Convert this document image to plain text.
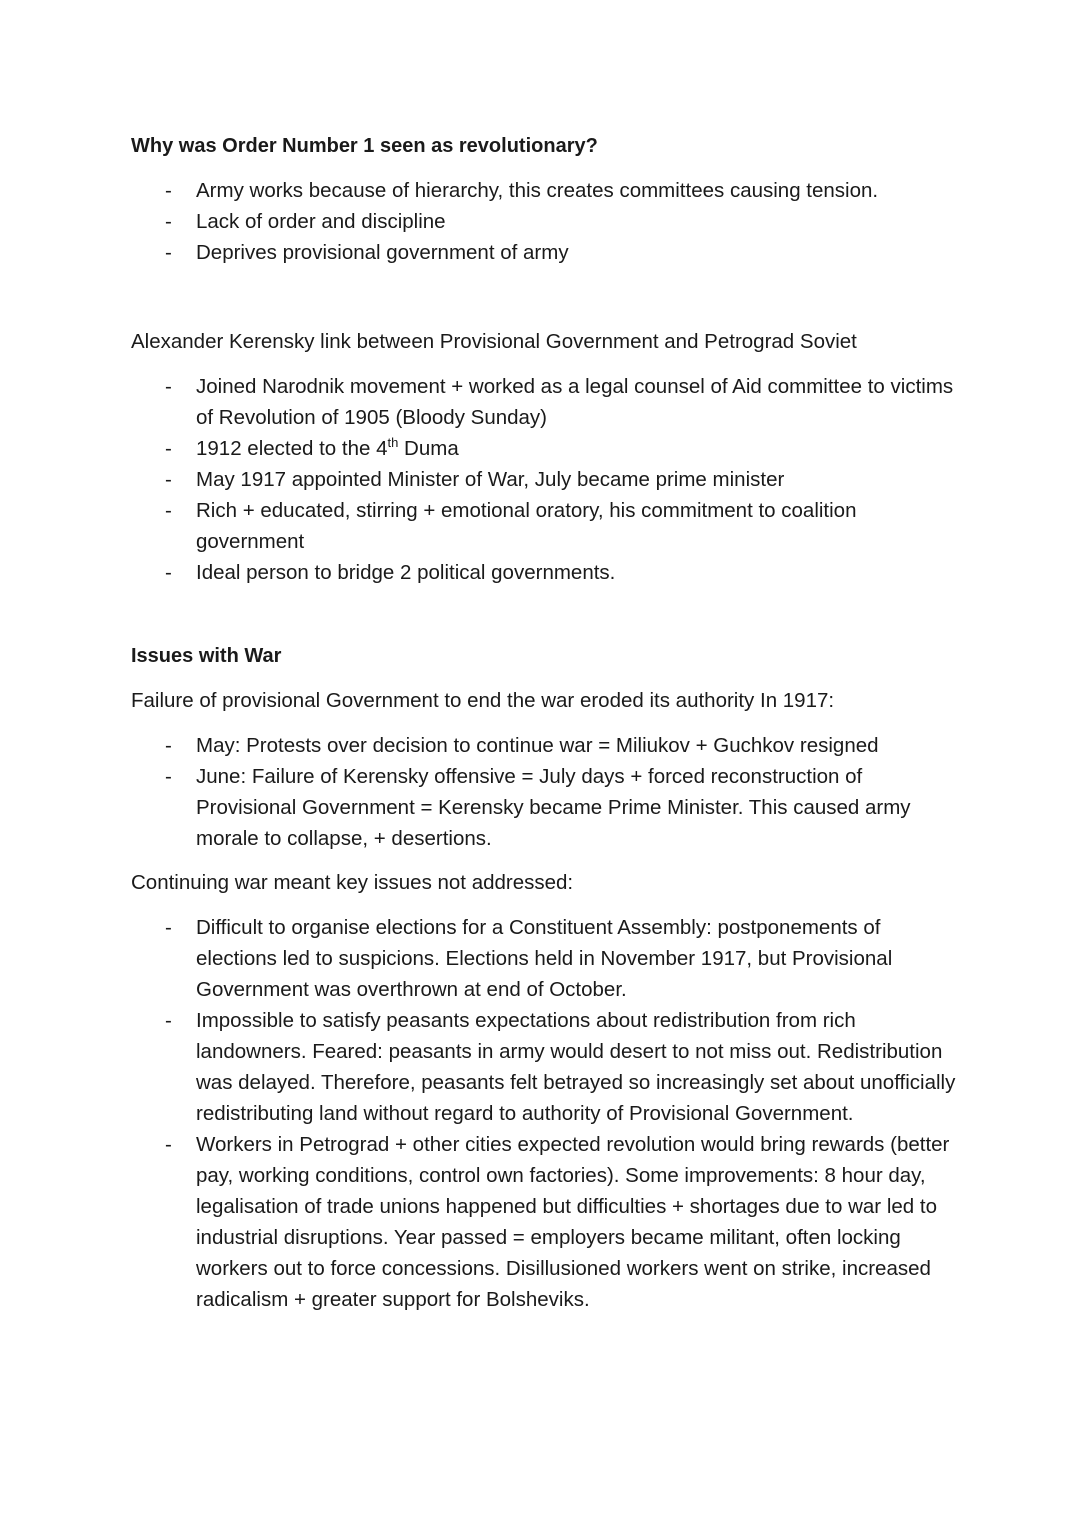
Why was Order Number 1 seen as revolutionary?

- Army works because of hierarchy, this creates committees causing tension.
- Lack of order and discipline
- Deprives provisional government of army

Alexander Kerensky link between Provisional Government and Petrograd Soviet

- Joined Narodnik movement + worked as a legal counsel of Aid committee to victims of Revolution of 1905 (Bloody Sunday)
- 1912 elected to the 4th Duma
- May 1917 appointed Minister of War, July became prime minister
- Rich + educated, stirring + emotional oratory, his commitment to coalition government
- Ideal person to bridge 2 political governments.

Issues with War

Failure of provisional Government to end the war eroded its authority In 1917:

- May: Protests over decision to continue war = Miliukov + Guchkov resigned
- June: Failure of Kerensky offensive = July days + forced reconstruction of Provisional Government = Kerensky became Prime Minister. This caused army morale to collapse, + desertions.

Continuing war meant key issues not addressed:

- Difficult to organise elections for a Constituent Assembly: postponements of elections led to suspicions. Elections held in November 1917, but Provisional Government was overthrown at end of October.
- Impossible to satisfy peasants expectations about redistribution from rich landowners. Feared: peasants in army would desert to not miss out. Redistribution was delayed. Therefore, peasants felt betrayed so increasingly set about unofficially redistributing land without regard to authority of Provisional Government.
- Workers in Petrograd + other cities expected revolution would bring rewards (better pay, working conditions, control own factories). Some improvements: 8 hour day, legalisation of trade unions happened but difficulties + shortages due to war led to industrial disruptions. Year passed = employers became militant, often locking workers out to force concessions. Disillusioned workers went on strike, increased radicalism + greater support for Bolsheviks.
